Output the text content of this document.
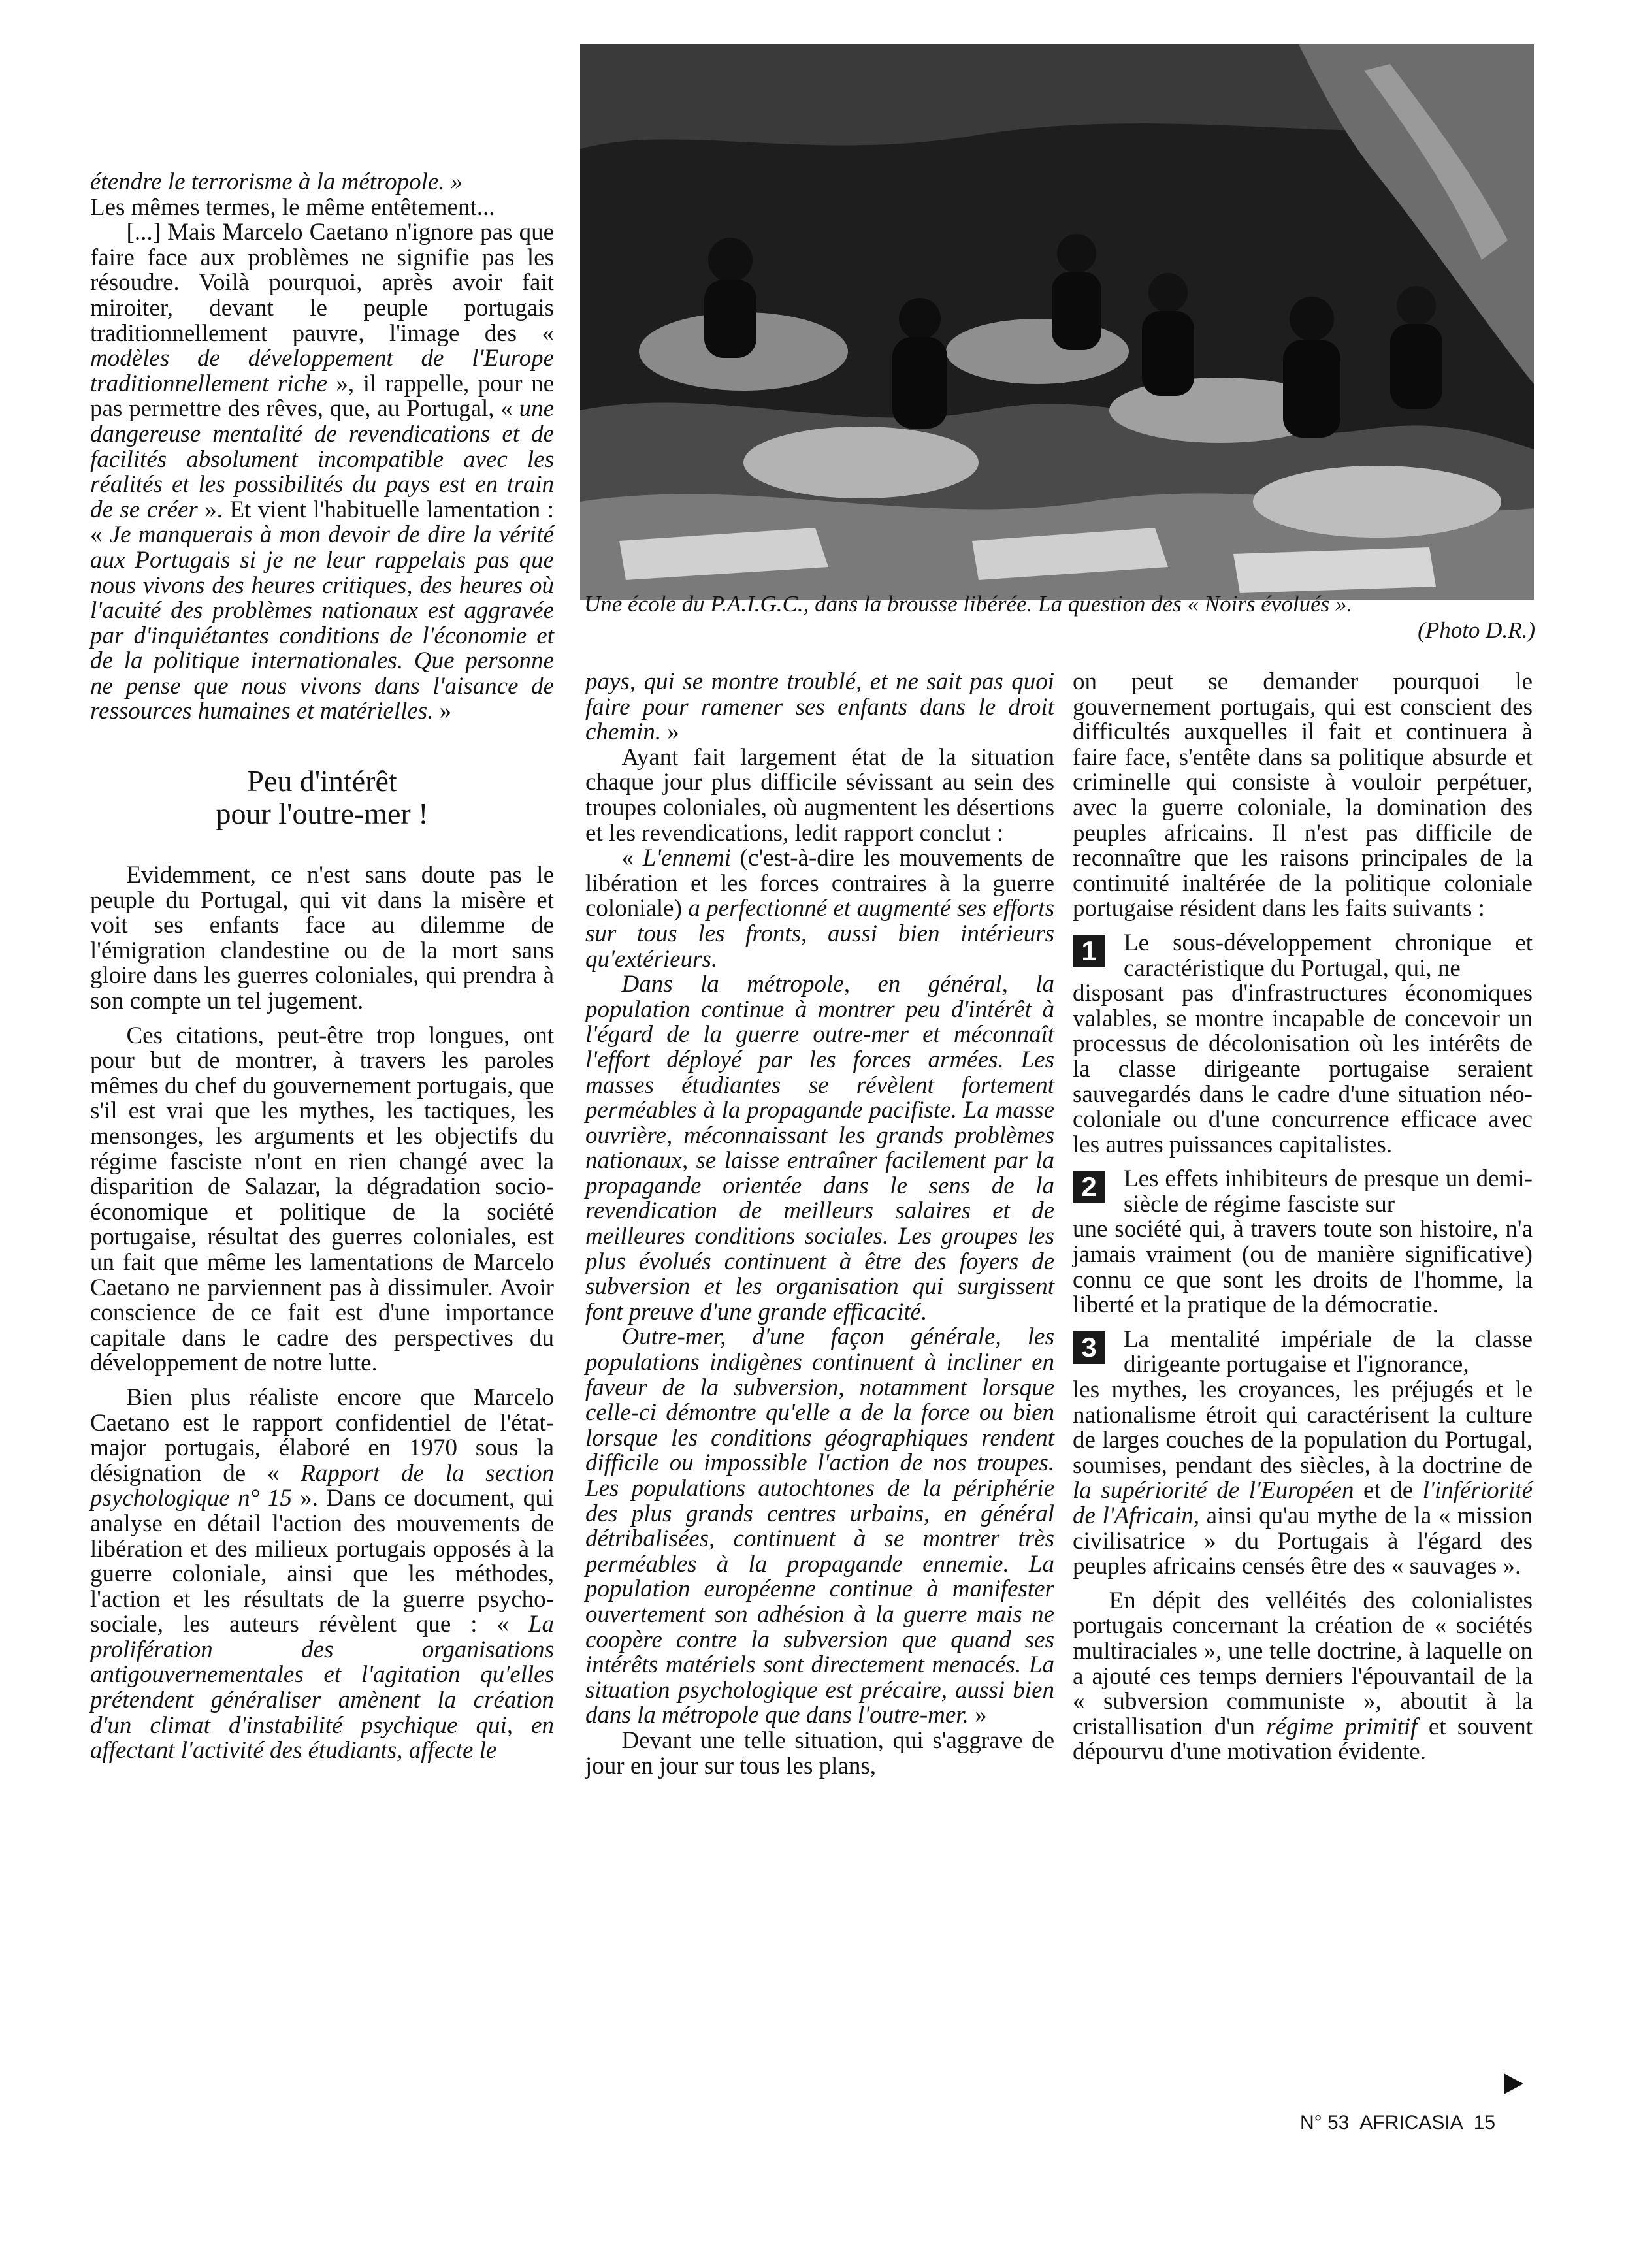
Une école du P.A.I.G.C., dans la brousse libérée. La question des « Noirs évolués ».
(Photo D.R.)

étendre le terrorisme à la métropole. »

Les mêmes termes, le même entêtement...

[...] Mais Marcelo Caetano n'ignore pas que faire face aux problèmes ne signifie pas les résoudre. Voilà pourquoi, après avoir fait miroiter, devant le peuple portugais traditionnellement pauvre, l'image des « modèles de développement de l'Europe traditionnellement riche », il rappelle, pour ne pas permettre des rêves, que, au Portugal, « une dangereuse mentalité de revendications et de facilités absolument incompatible avec les réalités et les possibilités du pays est en train de se créer ». Et vient l'habituelle lamentation : « Je manquerais à mon devoir de dire la vérité aux Portugais si je ne leur rappelais pas que nous vivons des heures critiques, des heures où l'acuité des problèmes nationaux est aggravée par d'inquiétantes conditions de l'économie et de la politique internationales. Que personne ne pense que nous vivons dans l'aisance de ressources humaines et matérielles. »

Peu d'intérêt
pour l'outre-mer !

Evidemment, ce n'est sans doute pas le peuple du Portugal, qui vit dans la misère et voit ses enfants face au dilemme de l'émigration clandestine ou de la mort sans gloire dans les guerres coloniales, qui prendra à son compte un tel jugement.

Ces citations, peut-être trop longues, ont pour but de montrer, à travers les paroles mêmes du chef du gouvernement portugais, que s'il est vrai que les mythes, les tactiques, les mensonges, les arguments et les objectifs du régime fasciste n'ont en rien changé avec la disparition de Salazar, la dégradation socio-économique et politique de la société portugaise, résultat des guerres coloniales, est un fait que même les lamentations de Marcelo Caetano ne parviennent pas à dissimuler. Avoir conscience de ce fait est d'une importance capitale dans le cadre des perspectives du développement de notre lutte.

Bien plus réaliste encore que Marcelo Caetano est le rapport confidentiel de l'état-major portugais, élaboré en 1970 sous la désignation de « Rapport de la section psychologique n° 15 ». Dans ce document, qui analyse en détail l'action des mouvements de libération et des milieux portugais opposés à la guerre coloniale, ainsi que les méthodes, l'action et les résultats de la guerre psycho-sociale, les auteurs révèlent que : « La prolifération des organisations antigouvernementales et l'agitation qu'elles prétendent généraliser amènent la création d'un climat d'instabilité psychique qui, en affectant l'activité des étudiants, affecte le

pays, qui se montre troublé, et ne sait pas quoi faire pour ramener ses enfants dans le droit chemin. »

Ayant fait largement état de la situation chaque jour plus difficile sévissant au sein des troupes coloniales, où augmentent les désertions et les revendications, ledit rapport conclut :

« L'ennemi (c'est-à-dire les mouvements de libération et les forces contraires à la guerre coloniale) a perfectionné et augmenté ses efforts sur tous les fronts, aussi bien intérieurs qu'extérieurs.

Dans la métropole, en général, la population continue à montrer peu d'intérêt à l'égard de la guerre outre-mer et méconnaît l'effort déployé par les forces armées. Les masses étudiantes se révèlent fortement perméables à la propagande pacifiste. La masse ouvrière, méconnaissant les grands problèmes nationaux, se laisse entraîner facilement par la propagande orientée dans le sens de la revendication de meilleurs salaires et de meilleures conditions sociales. Les groupes les plus évolués continuent à être des foyers de subversion et les organisation qui surgissent font preuve d'une grande efficacité.

Outre-mer, d'une façon générale, les populations indigènes continuent à incliner en faveur de la subversion, notamment lorsque celle-ci démontre qu'elle a de la force ou bien lorsque les conditions géographiques rendent difficile ou impossible l'action de nos troupes. Les populations autochtones de la périphérie des plus grands centres urbains, en général détribalisées, continuent à se montrer très perméables à la propagande ennemie. La population européenne continue à manifester ouvertement son adhésion à la guerre mais ne coopère contre la subversion que quand ses intérêts matériels sont directement menacés. La situation psychologique est précaire, aussi bien dans la métropole que dans l'outre-mer. »

Devant une telle situation, qui s'aggrave de jour en jour sur tous les plans,

on peut se demander pourquoi le gouvernement portugais, qui est conscient des difficultés auxquelles il fait et continuera à faire face, s'entête dans sa politique absurde et criminelle qui consiste à vouloir perpétuer, avec la guerre coloniale, la domination des peuples africains. Il n'est pas difficile de reconnaître que les raisons principales de la continuité inaltérée de la politique coloniale portugaise résident dans les faits suivants :

1	Le sous-développement chronique et caractéristique du Portugal, qui, ne

disposant pas d'infrastructures économiques valables, se montre incapable de concevoir un processus de décolonisation où les intérêts de la classe dirigeante portugaise seraient sauvegardés dans le cadre d'une situation néo-coloniale ou d'une concurrence efficace avec les autres puissances capitalistes.

2	Les effets inhibiteurs de presque un demi-siècle de régime fasciste sur

une société qui, à travers toute son histoire, n'a jamais vraiment (ou de manière significative) connu ce que sont les droits de l'homme, la liberté et la pratique de la démocratie.

3	La mentalité impériale de la classe dirigeante portugaise et l'ignorance,

les mythes, les croyances, les préjugés et le nationalisme étroit qui caractérisent la culture de larges couches de la population du Portugal, soumises, pendant des siècles, à la doctrine de la supériorité de l'Européen et de l'infériorité de l'Africain, ainsi qu'au mythe de la « mission civilisatrice » du Portugais à l'égard des peuples africains censés être des « sauvages ».

En dépit des velléités des colonialistes portugais concernant la création de « sociétés multiraciales », une telle doctrine, à laquelle on a ajouté ces temps derniers l'épouvantail de la « subversion communiste », aboutit à la cristallisation d'un régime primitif et souvent dépourvu d'une motivation évidente.

N° 53 AFRICASIA 15
